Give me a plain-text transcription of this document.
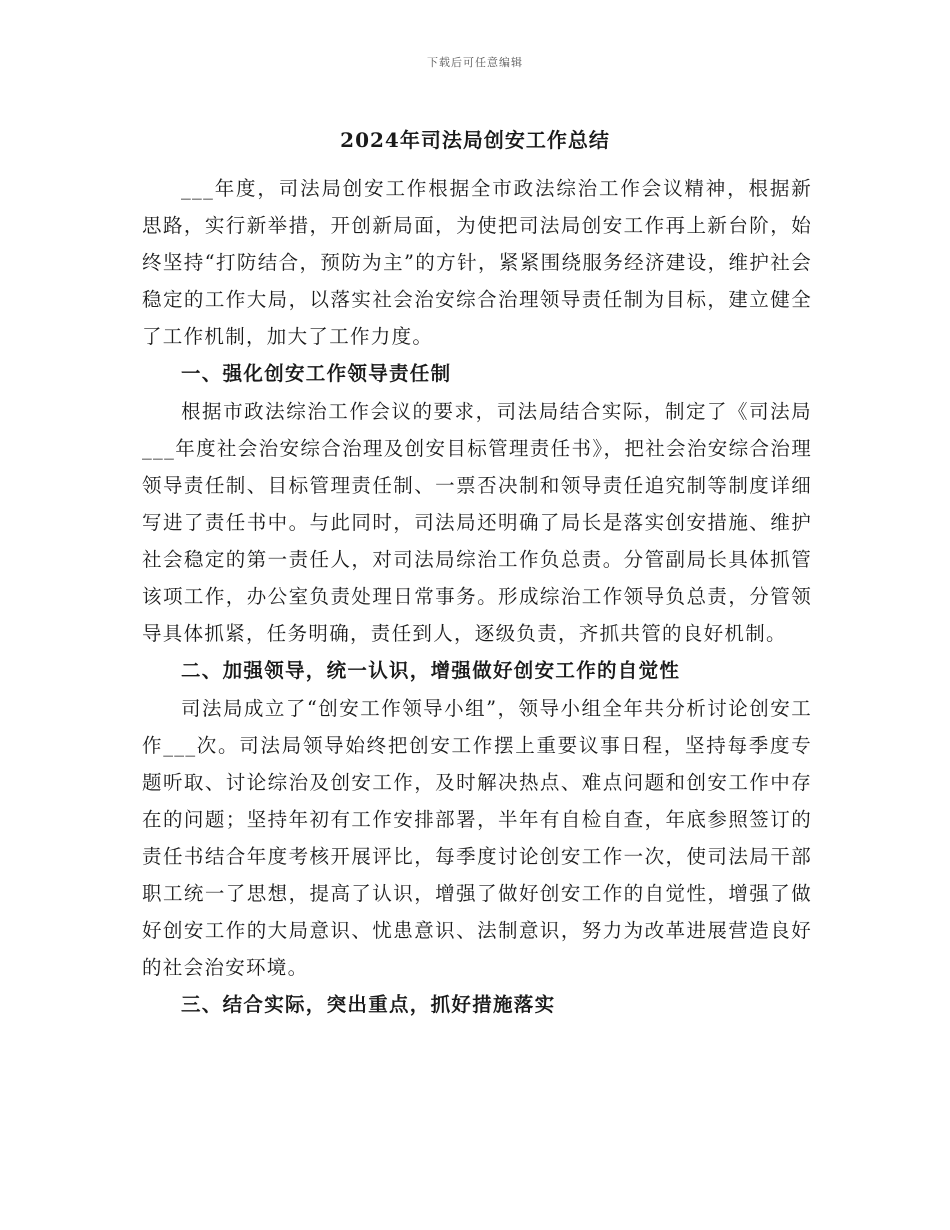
下载后可任意编辑
2024年司法局创安工作总结

___年度，司法局创安工作根据全市政法综治工作会议精神，根据新思路，实行新举措，开创新局面，为使把司法局创安工作再上新台阶，始终坚持“打防结合，预防为主”的方针，紧紧围绕服务经济建设，维护社会稳定的工作大局，以落实社会治安综合治理领导责任制为目标，建立健全了工作机制，加大了工作力度。

一、强化创安工作领导责任制

根据市政法综治工作会议的要求，司法局结合实际，制定了《司法局___年度社会治安综合治理及创安目标管理责任书》，把社会治安综合治理领导责任制、目标管理责任制、一票否决制和领导责任追究制等制度详细写进了责任书中。与此同时，司法局还明确了局长是落实创安措施、维护社会稳定的第一责任人，对司法局综治工作负总责。分管副局长具体抓管该项工作，办公室负责处理日常事务。形成综治工作领导负总责，分管领导具体抓紧，任务明确，责任到人，逐级负责，齐抓共管的良好机制。

二、加强领导，统一认识，增强做好创安工作的自觉性

司法局成立了“创安工作领导小组”，领导小组全年共分析讨论创安工作___次。司法局领导始终把创安工作摆上重要议事日程，坚持每季度专题听取、讨论综治及创安工作，及时解决热点、难点问题和创安工作中存在的问题；坚持年初有工作安排部署，半年有自检自查，年底参照签订的责任书结合年度考核开展评比，每季度讨论创安工作一次，使司法局干部职工统一了思想，提高了认识，增强了做好创安工作的自觉性，增强了做好创安工作的大局意识、忧患意识、法制意识，努力为改革进展营造良好的社会治安环境。

三、结合实际，突出重点，抓好措施落实
